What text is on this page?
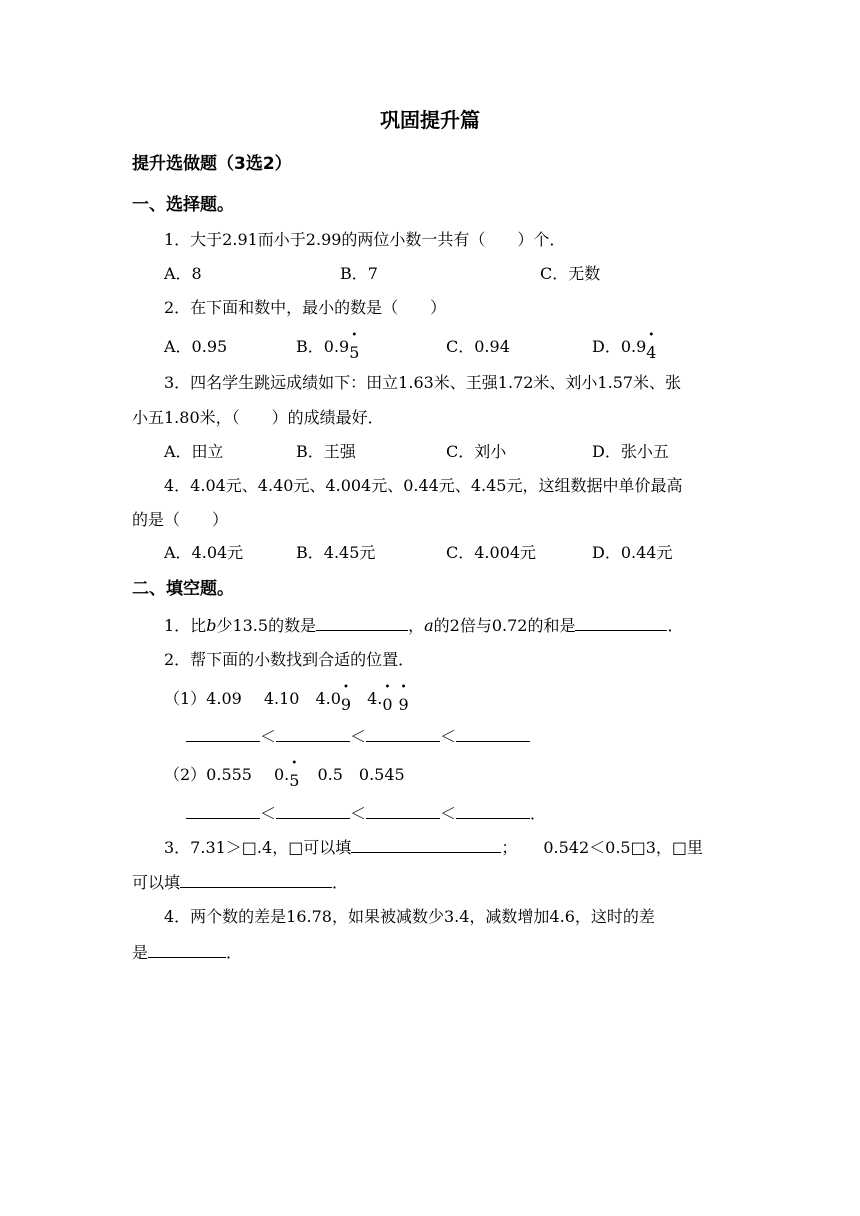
巩固提升篇
提升选做题（3选2）
一、选择题。
1．大于2.91而小于2.99的两位小数一共有（　　）个．
A．8	B．7	C．无数
2．在下面和数中，最小的数是（　　）
A．0.95	B．0.95 •	C．0.94	D．0.94 •
3．四名学生跳远成绩如下：田立1.63米、王强1.72米、刘小1.57米、张
小五1.80米，（　　）的成绩最好．
A．田立	B．王强	C．刘小	D．张小五
4．4.04元、4.40元、4.004元、0.44元、4.45元，这组数据中单价最高
的是（　　）
A．4.04元	B．4.45元	C．4.004元	D．0.44元
二、填空题。
1．比b少13.5的数是	，a的2倍与0.72的和是	．
2．帮下面的小数找到合适的位置．
（1）4.09 4.10 4.09 • 4.0 • 9 •
＜	＜	＜
（2）0.555 0.5 • 0.5 0.545
＜	＜	＜	．
3．7.31＞□.4，□可以填	； 0.542＜0.5□3，□里
可以填	．
4．两个数的差是16.78，如果被减数少3.4，减数增加4.6，这时的差
是	．
